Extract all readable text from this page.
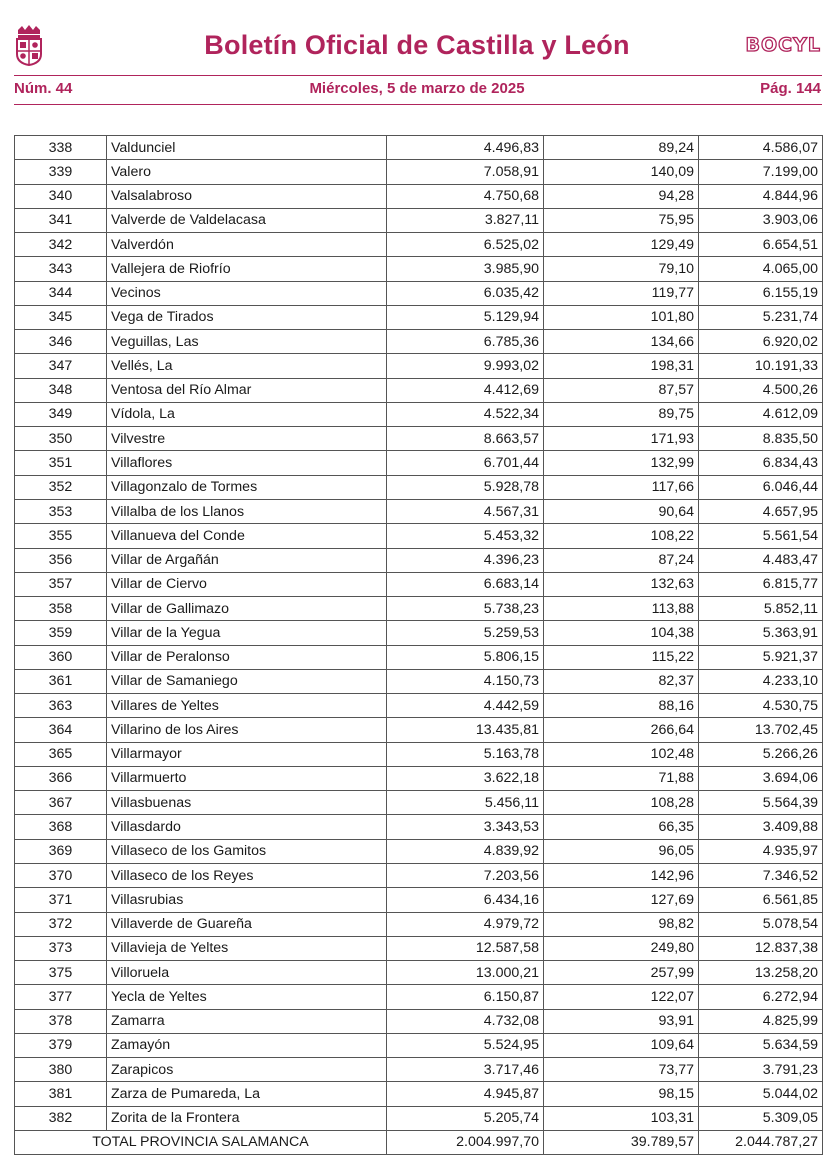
Boletín Oficial de Castilla y León	BOCYL
Núm. 44	Miércoles, 5 de marzo de 2025	Pág. 144
338	Valdunciel	4.496,83	89,24	4.586,07
339	Valero	7.058,91	140,09	7.199,00
340	Valsalabroso	4.750,68	94,28	4.844,96
341	Valverde de Valdelacasa	3.827,11	75,95	3.903,06
342	Valverdón	6.525,02	129,49	6.654,51
343	Vallejera de Riofrío	3.985,90	79,10	4.065,00
344	Vecinos	6.035,42	119,77	6.155,19
345	Vega de Tirados	5.129,94	101,80	5.231,74
346	Veguillas, Las	6.785,36	134,66	6.920,02
347	Vellés, La	9.993,02	198,31	10.191,33
348	Ventosa del Río Almar	4.412,69	87,57	4.500,26
349	Vídola, La	4.522,34	89,75	4.612,09
350	Vilvestre	8.663,57	171,93	8.835,50
351	Villaflores	6.701,44	132,99	6.834,43
352	Villagonzalo de Tormes	5.928,78	117,66	6.046,44
353	Villalba de los Llanos	4.567,31	90,64	4.657,95
355	Villanueva del Conde	5.453,32	108,22	5.561,54
356	Villar de Argañán	4.396,23	87,24	4.483,47
357	Villar de Ciervo	6.683,14	132,63	6.815,77
358	Villar de Gallimazo	5.738,23	113,88	5.852,11
359	Villar de la Yegua	5.259,53	104,38	5.363,91
360	Villar de Peralonso	5.806,15	115,22	5.921,37
361	Villar de Samaniego	4.150,73	82,37	4.233,10
363	Villares de Yeltes	4.442,59	88,16	4.530,75
364	Villarino de los Aires	13.435,81	266,64	13.702,45
365	Villarmayor	5.163,78	102,48	5.266,26
366	Villarmuerto	3.622,18	71,88	3.694,06
367	Villasbuenas	5.456,11	108,28	5.564,39
368	Villasdardo	3.343,53	66,35	3.409,88
369	Villaseco de los Gamitos	4.839,92	96,05	4.935,97
370	Villaseco de los Reyes	7.203,56	142,96	7.346,52
371	Villasrubias	6.434,16	127,69	6.561,85
372	Villaverde de Guareña	4.979,72	98,82	5.078,54
373	Villavieja de Yeltes	12.587,58	249,80	12.837,38
375	Villoruela	13.000,21	257,99	13.258,20
377	Yecla de Yeltes	6.150,87	122,07	6.272,94
378	Zamarra	4.732,08	93,91	4.825,99
379	Zamayón	5.524,95	109,64	5.634,59
380	Zarapicos	3.717,46	73,77	3.791,23
381	Zarza de Pumareda, La	4.945,87	98,15	5.044,02
382	Zorita de la Frontera	5.205,74	103,31	5.309,05
TOTAL PROVINCIA SALAMANCA		2.004.997,70	39.789,57	2.044.787,27
